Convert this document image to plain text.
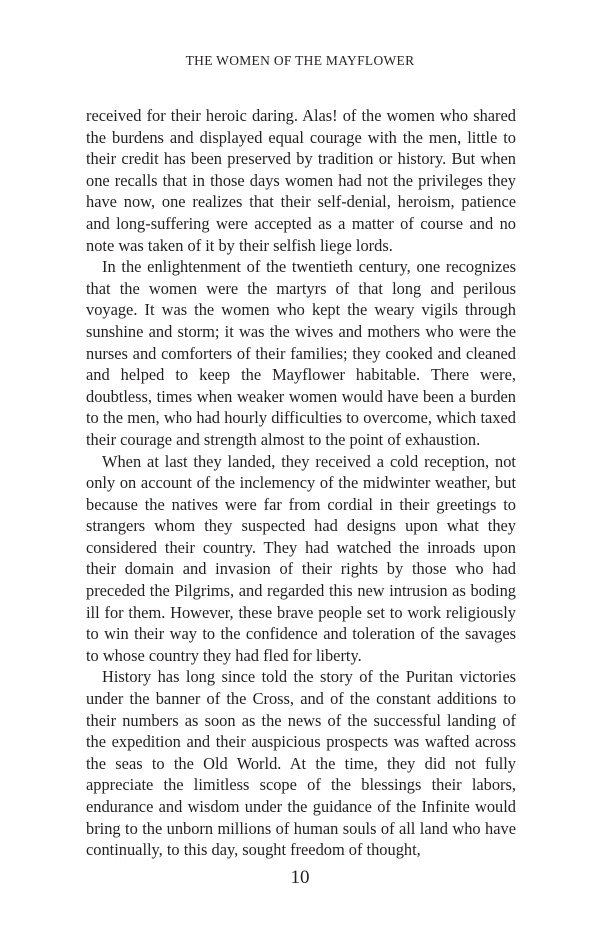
THE WOMEN OF THE MAYFLOWER

received for their heroic daring. Alas! of the women who shared the burdens and displayed equal courage with the men, little to their credit has been preserved by tradition or history. But when one recalls that in those days women had not the privileges they have now, one realizes that their self-denial, heroism, patience and long-suffering were accepted as a matter of course and no note was taken of it by their selfish liege lords.

In the enlightenment of the twentieth century, one recognizes that the women were the martyrs of that long and perilous voyage. It was the women who kept the weary vigils through sunshine and storm; it was the wives and mothers who were the nurses and comforters of their families; they cooked and cleaned and helped to keep the Mayflower habitable. There were, doubtless, times when weaker women would have been a burden to the men, who had hourly difficulties to overcome, which taxed their courage and strength almost to the point of exhaustion.

When at last they landed, they received a cold reception, not only on account of the inclemency of the midwinter weather, but because the natives were far from cordial in their greetings to strangers whom they suspected had designs upon what they considered their country. They had watched the inroads upon their domain and invasion of their rights by those who had preceded the Pilgrims, and regarded this new intrusion as boding ill for them. However, these brave people set to work religiously to win their way to the confidence and toleration of the savages to whose country they had fled for liberty.

History has long since told the story of the Puritan victories under the banner of the Cross, and of the constant additions to their numbers as soon as the news of the successful landing of the expedition and their auspicious prospects was wafted across the seas to the Old World. At the time, they did not fully appreciate the limitless scope of the blessings their labors, endurance and wisdom under the guidance of the Infinite would bring to the unborn millions of human souls of all land who have continually, to this day, sought freedom of thought,

10
